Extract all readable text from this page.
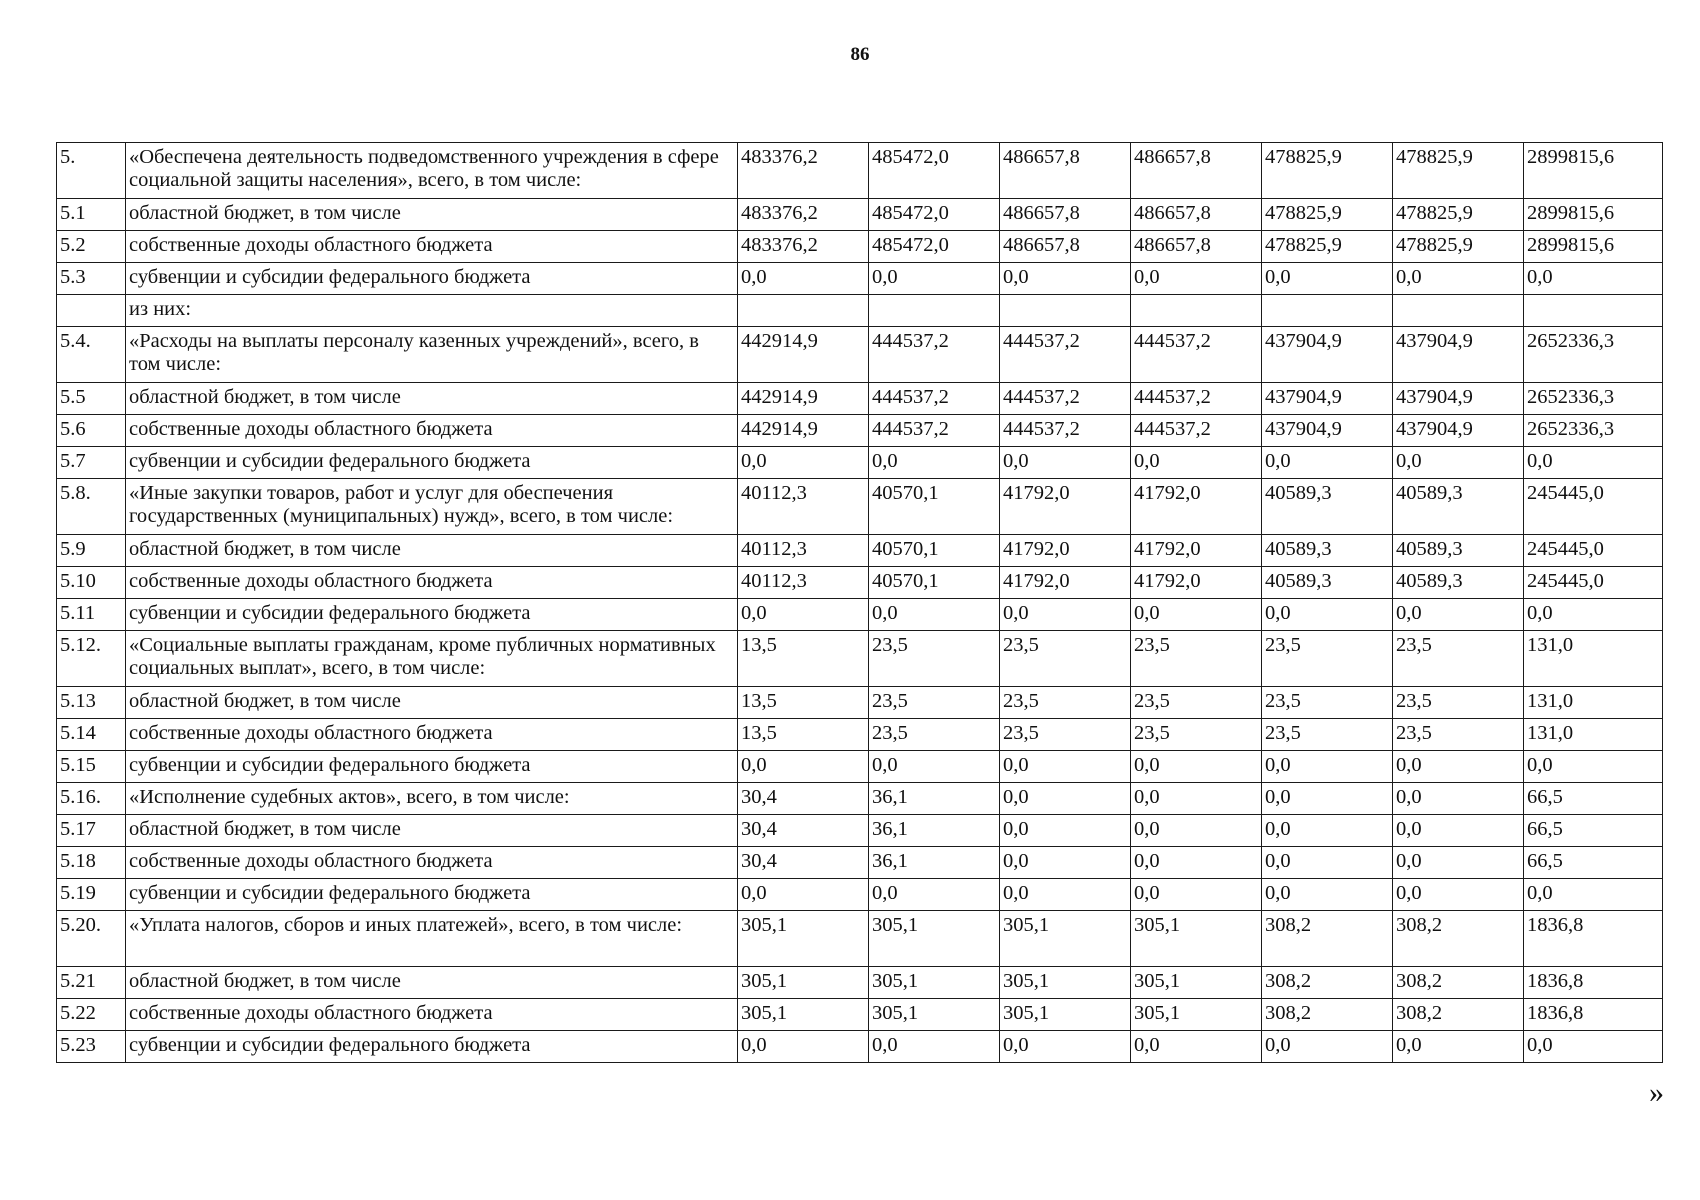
86
5.	«Обеспечена деятельность подведомственного учреждения в сфере социальной защиты населения», всего, в том числе:	483376,2	485472,0	486657,8	486657,8	478825,9	478825,9	2899815,6
5.1	областной бюджет, в том числе	483376,2	485472,0	486657,8	486657,8	478825,9	478825,9	2899815,6
5.2	собственные доходы областного бюджета	483376,2	485472,0	486657,8	486657,8	478825,9	478825,9	2899815,6
5.3	субвенции и субсидии федерального бюджета	0,0	0,0	0,0	0,0	0,0	0,0	0,0
	из них:							
5.4.	«Расходы на выплаты персоналу казенных учреждений», всего, в том числе:	442914,9	444537,2	444537,2	444537,2	437904,9	437904,9	2652336,3
5.5	областной бюджет, в том числе	442914,9	444537,2	444537,2	444537,2	437904,9	437904,9	2652336,3
5.6	собственные доходы областного бюджета	442914,9	444537,2	444537,2	444537,2	437904,9	437904,9	2652336,3
5.7	субвенции и субсидии федерального бюджета	0,0	0,0	0,0	0,0	0,0	0,0	0,0
5.8.	«Иные закупки товаров, работ и услуг для обеспечения государственных (муниципальных) нужд», всего, в том числе:	40112,3	40570,1	41792,0	41792,0	40589,3	40589,3	245445,0
5.9	областной бюджет, в том числе	40112,3	40570,1	41792,0	41792,0	40589,3	40589,3	245445,0
5.10	собственные доходы областного бюджета	40112,3	40570,1	41792,0	41792,0	40589,3	40589,3	245445,0
5.11	субвенции и субсидии федерального бюджета	0,0	0,0	0,0	0,0	0,0	0,0	0,0
5.12.	«Социальные выплаты гражданам, кроме публичных нормативных социальных выплат», всего, в том числе:	13,5	23,5	23,5	23,5	23,5	23,5	131,0
5.13	областной бюджет, в том числе	13,5	23,5	23,5	23,5	23,5	23,5	131,0
5.14	собственные доходы областного бюджета	13,5	23,5	23,5	23,5	23,5	23,5	131,0
5.15	субвенции и субсидии федерального бюджета	0,0	0,0	0,0	0,0	0,0	0,0	0,0
5.16.	«Исполнение судебных актов», всего, в том числе:	30,4	36,1	0,0	0,0	0,0	0,0	66,5
5.17	областной бюджет, в том числе	30,4	36,1	0,0	0,0	0,0	0,0	66,5
5.18	собственные доходы областного бюджета	30,4	36,1	0,0	0,0	0,0	0,0	66,5
5.19	субвенции и субсидии федерального бюджета	0,0	0,0	0,0	0,0	0,0	0,0	0,0
5.20.	«Уплата налогов, сборов и иных платежей», всего, в том числе:	305,1	305,1	305,1	305,1	308,2	308,2	1836,8
5.21	областной бюджет, в том числе	305,1	305,1	305,1	305,1	308,2	308,2	1836,8
5.22	собственные доходы областного бюджета	305,1	305,1	305,1	305,1	308,2	308,2	1836,8
5.23	субвенции и субсидии федерального бюджета	0,0	0,0	0,0	0,0	0,0	0,0	0,0
»
